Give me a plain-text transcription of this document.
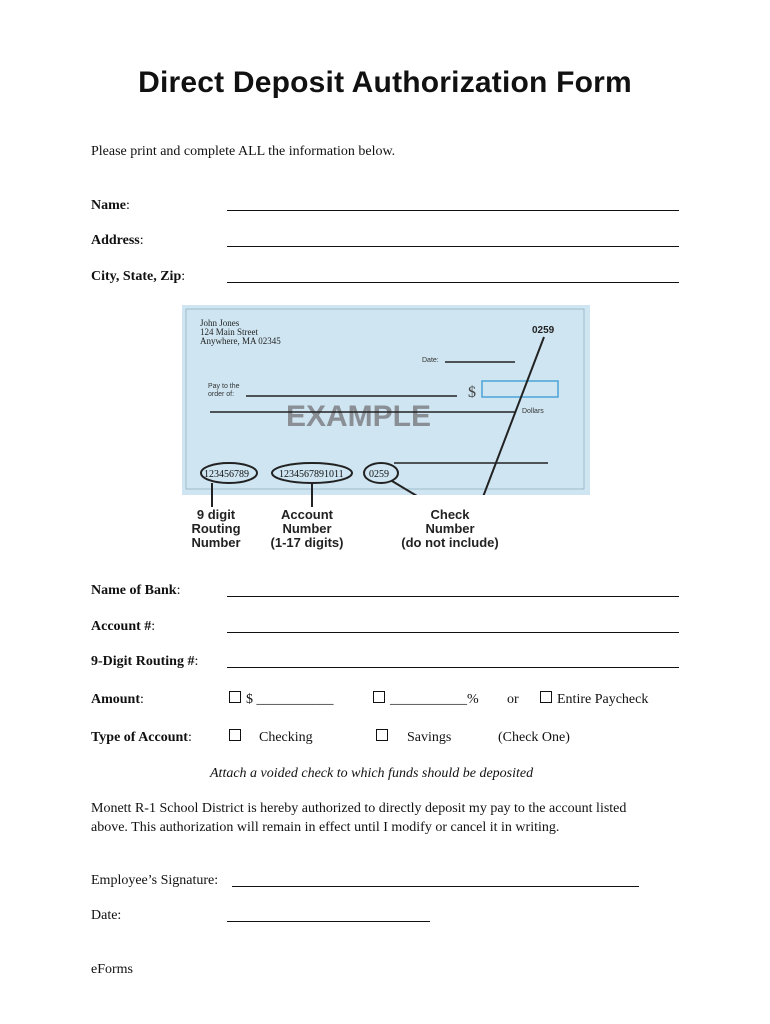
Direct Deposit Authorization Form
Please print and complete ALL the information below.
Name:
Address:
City, State, Zip:
John Jones
124 Main Street
Anywhere, MA 02345
0259
Date:
Pay to the
order of:	$
EXAMPLE	Dollars
123456789	1234567891011	0259
9 digit
Routing
Number
Account
Number
(1-17 digits)
Check
Number
(do not include)
Name of Bank:
Account #:
9-Digit Routing #:
Amount:	$ ___________	___________% or	Entire Paycheck
Type of Account:	Checking	Savings	(Check One)
Attach a voided check to which funds should be deposited
Monett R-1 School District is hereby authorized to directly deposit my pay to the account listed
above. This authorization will remain in effect until I modify or cancel it in writing.
Employee’s Signature:
Date:
eForms
